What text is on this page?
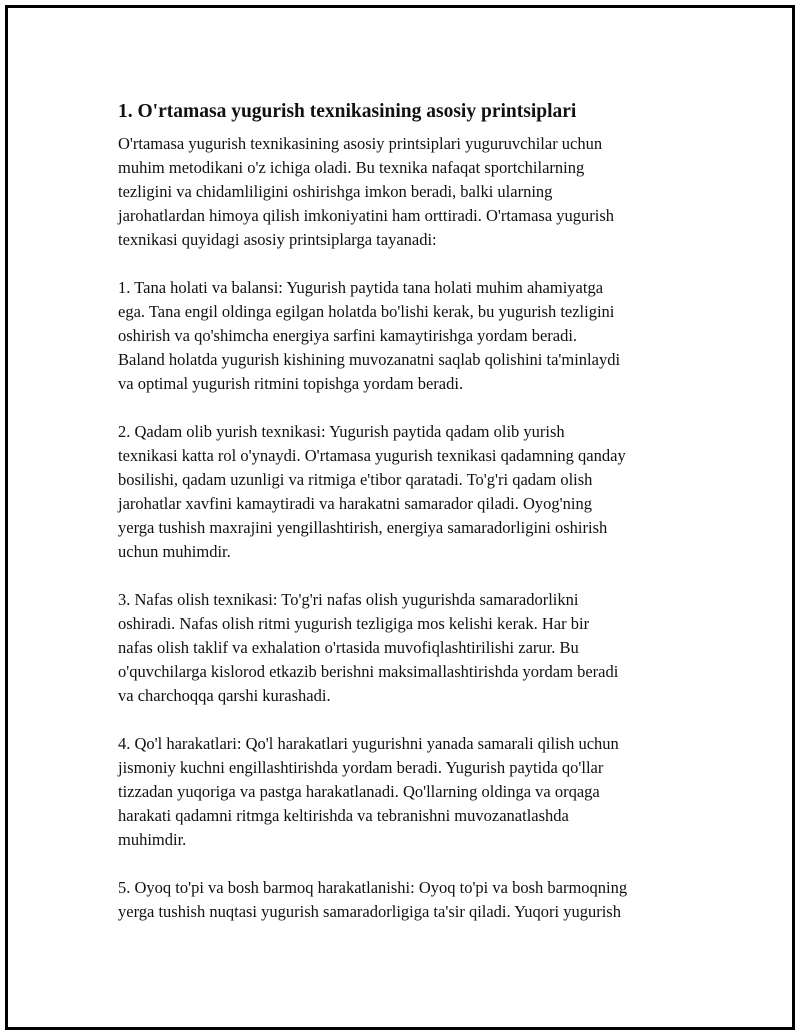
1. O'rtamasa yugurish texnikasining asosiy printsiplari

O'rtamasa yugurish texnikasining asosiy printsiplari yuguruvchilar uchun
muhim metodikani o'z ichiga oladi. Bu texnika nafaqat sportchilarning
tezligini va chidamliligini oshirishga imkon beradi, balki ularning
jarohatlardan himoya qilish imkoniyatini ham orttiradi. O'rtamasa yugurish
texnikasi quyidagi asosiy printsiplarga tayanadi:

1. Tana holati va balansi: Yugurish paytida tana holati muhim ahamiyatga
ega. Tana engil oldinga egilgan holatda bo'lishi kerak, bu yugurish tezligini
oshirish va qo'shimcha energiya sarfini kamaytirishga yordam beradi.
Baland holatda yugurish kishining muvozanatni saqlab qolishini ta'minlaydi
va optimal yugurish ritmini topishga yordam beradi.

2. Qadam olib yurish texnikasi: Yugurish paytida qadam olib yurish
texnikasi katta rol o'ynaydi. O'rtamasa yugurish texnikasi qadamning qanday
bosilishi, qadam uzunligi va ritmiga e'tibor qaratadi. To'g'ri qadam olish
jarohatlar xavfini kamaytiradi va harakatni samarador qiladi. Oyog'ning
yerga tushish maxrajini yengillashtirish, energiya samaradorligini oshirish
uchun muhimdir.

3. Nafas olish texnikasi: To'g'ri nafas olish yugurishda samaradorlikni
oshiradi. Nafas olish ritmi yugurish tezligiga mos kelishi kerak. Har bir
nafas olish taklif va exhalation o'rtasida muvofiqlashtirilishi zarur. Bu
o'quvchilarga kislorod etkazib berishni maksimallashtirishda yordam beradi
va charchoqqa qarshi kurashadi.

4. Qo'l harakatlari: Qo'l harakatlari yugurishni yanada samarali qilish uchun
jismoniy kuchni engillashtirishda yordam beradi. Yugurish paytida qo'llar
tizzadan yuqoriga va pastga harakatlanadi. Qo'llarning oldinga va orqaga
harakati qadamni ritmga keltirishda va tebranishni muvozanatlashda
muhimdir.

5. Oyoq to'pi va bosh barmoq harakatlanishi: Oyoq to'pi va bosh barmoqning
yerga tushish nuqtasi yugurish samaradorligiga ta'sir qiladi. Yuqori yugurish
